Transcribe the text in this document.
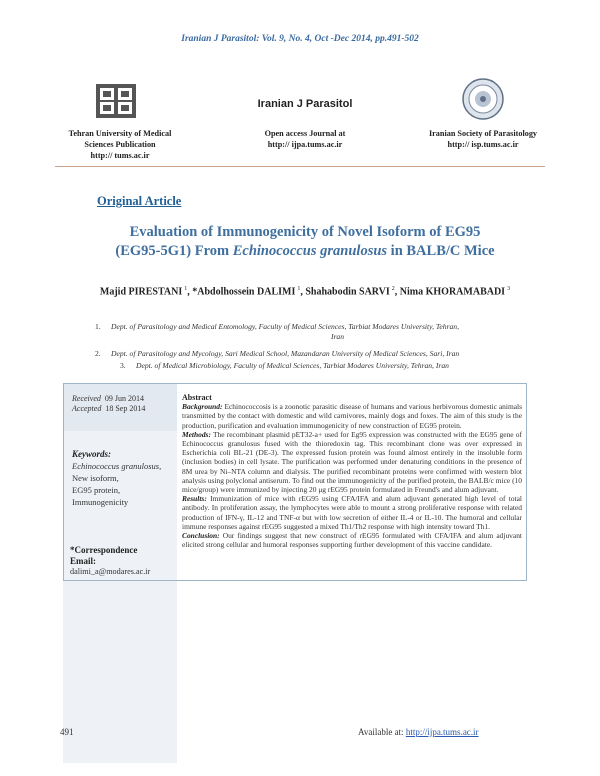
Iranian J Parasitol: Vol. 9, No. 4, Oct -Dec 2014, pp.491-502
Tehran University of Medical
Sciences Publication
http:// tums.ac.ir
Iranian J Parasitol
Open access Journal at
http:// ijpa.tums.ac.ir
Iranian Society of Parasitology
http:// isp.tums.ac.ir
Original Article
Evaluation of Immunogenicity of Novel Isoform of EG95
(EG95-5G1) From Echinococcus granulosus in BALB/C Mice
Majid PIRESTANI  $^1$, *Abdolhossein DALIMI  $^1$, Shahabodin SARVI  $^2$, Nima KHORAMABADI  $^3$
1. Dept. of Parasitology and Medical Entomology, Faculty of Medical Sciences, Tarbiat Modares University, Tehran,
Iran
2. Dept. of Parasitology and Mycology, Sari Medical School, Mazandaran University of Medical Sciences, Sari, Iran
3. Dept. of Medical Microbiology, Faculty of Medical Sciences, Tarbiat Modares University, Tehran, Iran
Received 09 Jun 2014
Accepted 18 Sep 2014
Keywords:
Echinococcus granulosus,
New isoform,
EG95 protein,
Immunogenicity
*Correspondence
Email:
dalimi_a@modares.ac.ir
Abstract
Background: Echinococcosis is a zoonotic parasitic disease of humans and various herbivorous domestic animals transmitted by the contact with domestic and wild carnivores, mainly dogs and foxes. The aim of this study is the production, purification and evaluation immunogenicity of new construction of EG95 protein.
Methods: The recombinant plasmid pET32-a+ used for Eg95 expression was constructed with the EG95 gene of Echinococcus granulosus fused with the thioredoxin tag. This recombinant clone was over expressed in Escherichia coli BL-21 (DE-3). The expressed fusion protein was found almost entirely in the insoluble form (inclusion bodies) in cell lysate. The purification was performed under denaturing conditions in the presence of 8M urea by Ni–NTA column and dialysis. The purified recombinant proteins were confirmed with western blot analysis using polyclonal antiserum. To find out the immunogenicity of the purified protein, the BALB/c mice (10 mice/group) were immunized by injecting 20 μg rEG95 protein formulated in Freund's and alum adjuvant.
Results: Immunization of mice with rEG95 using CFA/IFA and alum adjuvant generated high level of total antibody. In proliferation assay, the lymphocytes were able to mount a strong proliferative response with related production of IFN-γ, IL-12 and TNF-α but with low secretion of either IL-4 or IL-10. The humoral and cellular immune responses against rEG95 suggested a mixed Th1/Th2 response with high intensity toward Th1.
Conclusion: Our findings suggest that new construct of rEG95 formulated with CFA/IFA and alum adjuvant elicited strong cellular and humoral responses supporting further development of this vaccine candidate.
491	Available at: http://ijpa.tums.ac.ir
